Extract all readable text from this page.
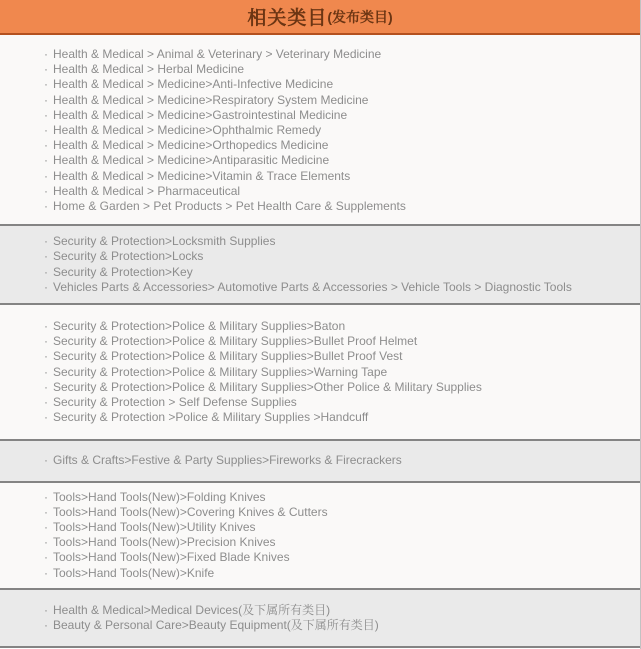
相关类目 (发布类目)
· Health & Medical > Animal & Veterinary > Veterinary Medicine
· Health & Medical > Herbal Medicine
· Health & Medical > Medicine>Anti-Infective Medicine
· Health & Medical > Medicine>Respiratory System Medicine
· Health & Medical > Medicine>Gastrointestinal Medicine
· Health & Medical > Medicine>Ophthalmic Remedy
· Health & Medical > Medicine>Orthopedics Medicine
· Health & Medical > Medicine>Antiparasitic Medicine
· Health & Medical > Medicine>Vitamin & Trace Elements
· Health & Medical > Pharmaceutical
· Home & Garden > Pet Products > Pet Health Care & Supplements
· Security & Protection>Locksmith Supplies
· Security & Protection>Locks
· Security & Protection>Key
· Vehicles Parts & Accessories> Automotive Parts & Accessories > Vehicle Tools > Diagnostic Tools
· Security & Protection>Police & Military Supplies>Baton
· Security & Protection>Police & Military Supplies>Bullet Proof Helmet
· Security & Protection>Police & Military Supplies>Bullet Proof Vest
· Security & Protection>Police & Military Supplies>Warning Tape
· Security & Protection>Police & Military Supplies>Other Police & Military Supplies
· Security & Protection > Self Defense Supplies
· Security & Protection >Police & Military Supplies >Handcuff
· Gifts & Crafts>Festive & Party Supplies>Fireworks & Firecrackers
· Tools>Hand Tools(New)>Folding Knives
· Tools>Hand Tools(New)>Covering Knives & Cutters
· Tools>Hand Tools(New)>Utility Knives
· Tools>Hand Tools(New)>Precision Knives
· Tools>Hand Tools(New)>Fixed Blade Knives
· Tools>Hand Tools(New)>Knife
· Health & Medical>Medical Devices(及下属所有类目)
· Beauty & Personal Care>Beauty Equipment(及下属所有类目)
